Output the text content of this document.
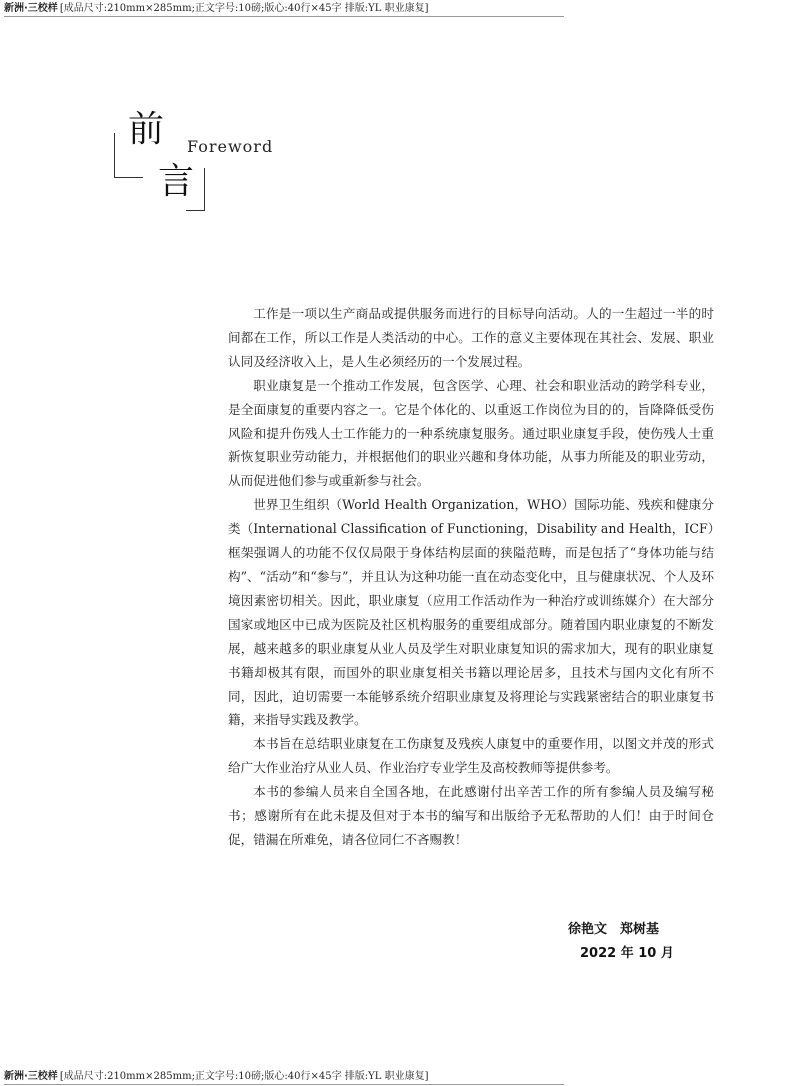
新洲·三校样 [成品尺寸:210mm×285mm;正文字号:10磅;版心:40行×45字 排版:YL 职业康复]
前 Foreword
言

工作是一项以生产商品或提供服务而进行的目标导向活动。人的一生超过一半的时间都在工作，所以工作是人类活动的中心。工作的意义主要体现在其社会、发展、职业认同及经济收入上，是人生必须经历的一个发展过程。

职业康复是一个推动工作发展，包含医学、心理、社会和职业活动的跨学科专业，是全面康复的重要内容之一。它是个体化的、以重返工作岗位为目的的，旨降降低受伤风险和提升伤残人士工作能力的一种系统康复服务。通过职业康复手段，使伤残人士重新恢复职业劳动能力，并根据他们的职业兴趣和身体功能，从事力所能及的职业劳动，从而促进他们参与或重新参与社会。

世界卫生组织（World Health Organization，WHO）国际功能、残疾和健康分类（International Classification of Functioning，Disability and Health，ICF）框架强调人的功能不仅仅局限于身体结构层面的狭隘范畴，而是包括了“身体功能与结构”、“活动”和“参与”，并且认为这种功能一直在动态变化中，且与健康状况、个人及环境因素密切相关。因此，职业康复（应用工作活动作为一种治疗或训练媒介）在大部分国家或地区中已成为医院及社区机构服务的重要组成部分。随着国内职业康复的不断发展，越来越多的职业康复从业人员及学生对职业康复知识的需求加大，现有的职业康复书籍却极其有限，而国外的职业康复相关书籍以理论居多，且技术与国内文化有所不同，因此，迫切需要一本能够系统介绍职业康复及将理论与实践紧密结合的职业康复书籍，来指导实践及教学。

本书旨在总结职业康复在工伤康复及残疾人康复中的重要作用，以图文并茂的形式给广大作业治疗从业人员、作业治疗专业学生及高校教师等提供参考。

本书的参编人员来自全国各地，在此感谢付出辛苦工作的所有参编人员及编写秘书；感谢所有在此未提及但对于本书的编写和出版给予无私帮助的人们！由于时间仓促，错漏在所难免，请各位同仁不吝赐教！

徐艳文　郑树基
2022 年 10 月
新洲·三校样 [成品尺寸:210mm×285mm;正文字号:10磅;版心:40行×45字 排版:YL 职业康复]
